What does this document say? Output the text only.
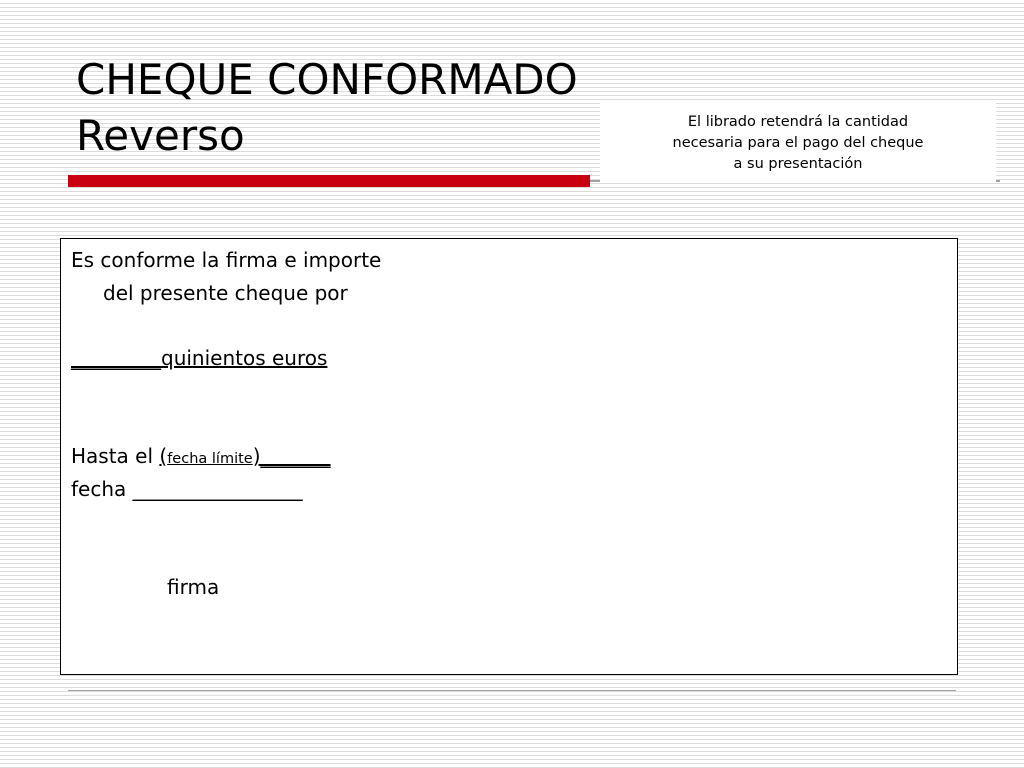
CHEQUE CONFORMADO
Reverso	El librado retendrá la cantidad
necesaria para el pago del cheque
a su presentación
Es conforme la firma e importe
del presente cheque por
_________quinientos euros
Hasta el (fecha límite)_______
fecha _________________
firma
